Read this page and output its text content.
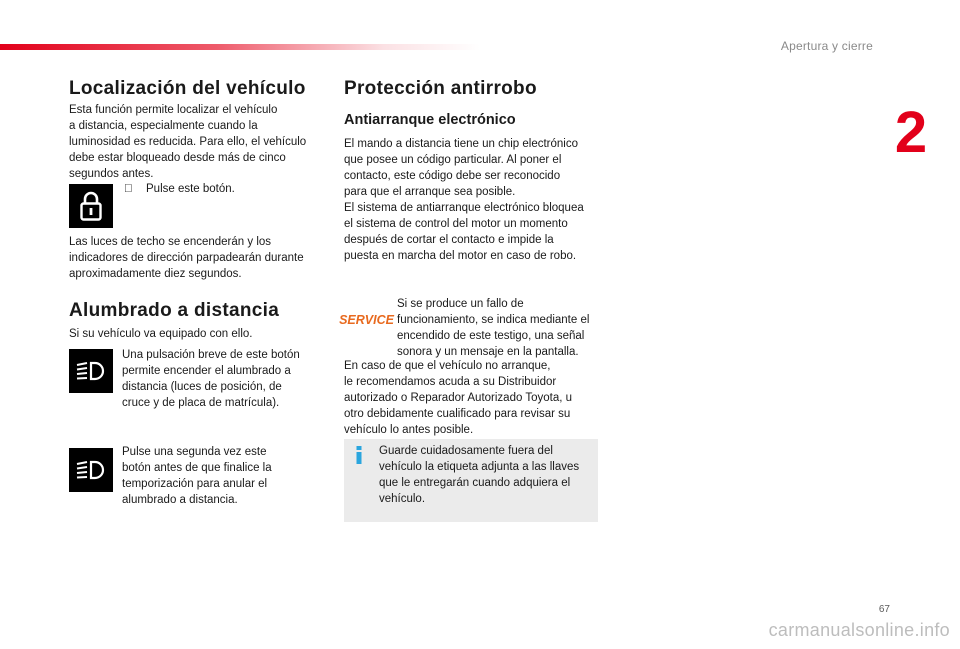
Apertura y cierre
2
Localización del vehículo
Esta función permite localizar el vehículo
a distancia, especialmente cuando la
luminosidad es reducida. Para ello, el vehículo
debe estar bloqueado desde más de cinco
segundos antes.
Pulse este botón.
Las luces de techo se encenderán y los
indicadores de dirección parpadearán durante
aproximadamente diez segundos.
Alumbrado a distancia
Si su vehículo va equipado con ello.
Una pulsación breve de este botón
permite encender el alumbrado a
distancia (luces de posición, de
cruce y de placa de matrícula).
Pulse una segunda vez este
botón antes de que finalice la
temporización para anular el
alumbrado a distancia.
Protección antirrobo
Antiarranque electrónico
El mando a distancia tiene un chip electrónico
que posee un código particular. Al poner el
contacto, este código debe ser reconocido
para que el arranque sea posible.
El sistema de antiarranque electrónico bloquea
el sistema de control del motor un momento
después de cortar el contacto e impide la
puesta en marcha del motor en caso de robo.
SERVICE
Si se produce un fallo de
funcionamiento, se indica mediante el
encendido de este testigo, una señal
sonora y un mensaje en la pantalla.
En caso de que el vehículo no arranque,
le recomendamos acuda a su Distribuidor
autorizado o Reparador Autorizado Toyota, u
otro debidamente cualificado para revisar su
vehículo lo antes posible.
Guarde cuidadosamente fuera del
vehículo la etiqueta adjunta a las llaves
que le entregarán cuando adquiera el
vehículo.
67
carmanualsonline.info
